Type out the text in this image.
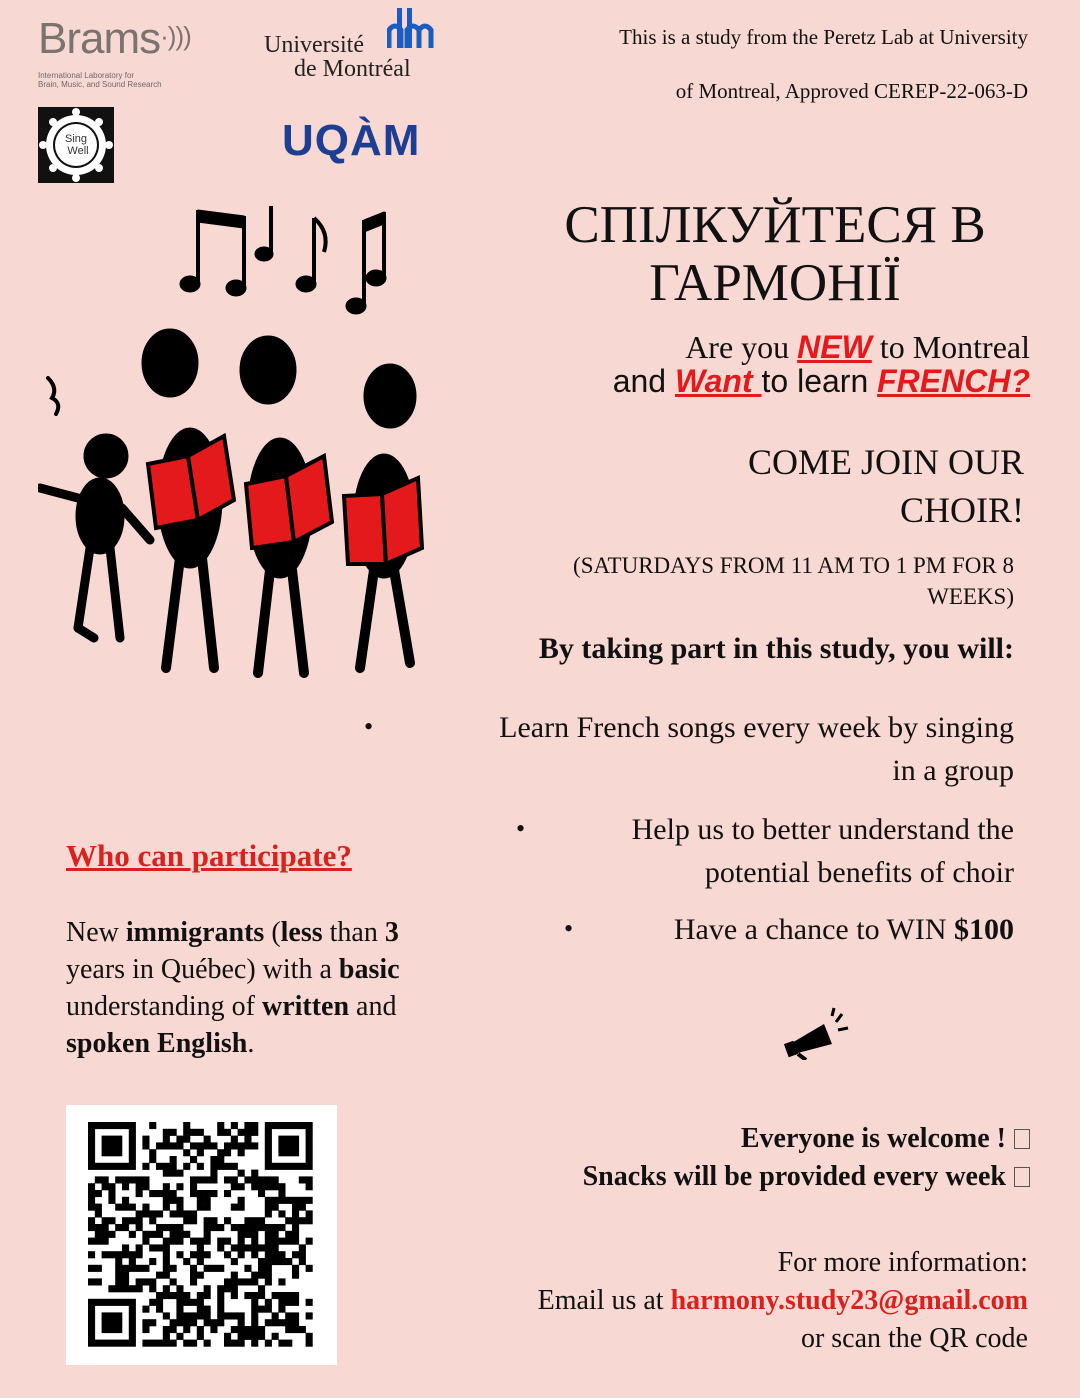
Brams·)))
International Laboratory for
Brain, Music, and Sound Research
Université
de Montréal
UQÀM
Sing
Well
This is a study from the Peretz Lab at University
of Montreal, Approved CEREP-22-063-D
СПІЛКУЙТЕСЯ В
ГАРМОНІЇ
Are you NEW to Montreal
and Want to learn FRENCH?
COME JOIN OUR
CHOIR!
(SATURDAYS FROM 11 AM TO 1 PM FOR 8
WEEKS)
By taking part in this study, you will:
•	Learn French songs every week by singing
in a group
•	Help us to better understand the
potential benefits of choir
•	Have a chance to WIN $100
Who can participate?
New immigrants (less than 3 years in Québec) with a basic understanding of written and spoken English.
Everyone is welcome !
Snacks will be provided every week
For more information:
Email us at harmony.study23@gmail.com
or scan the QR code
